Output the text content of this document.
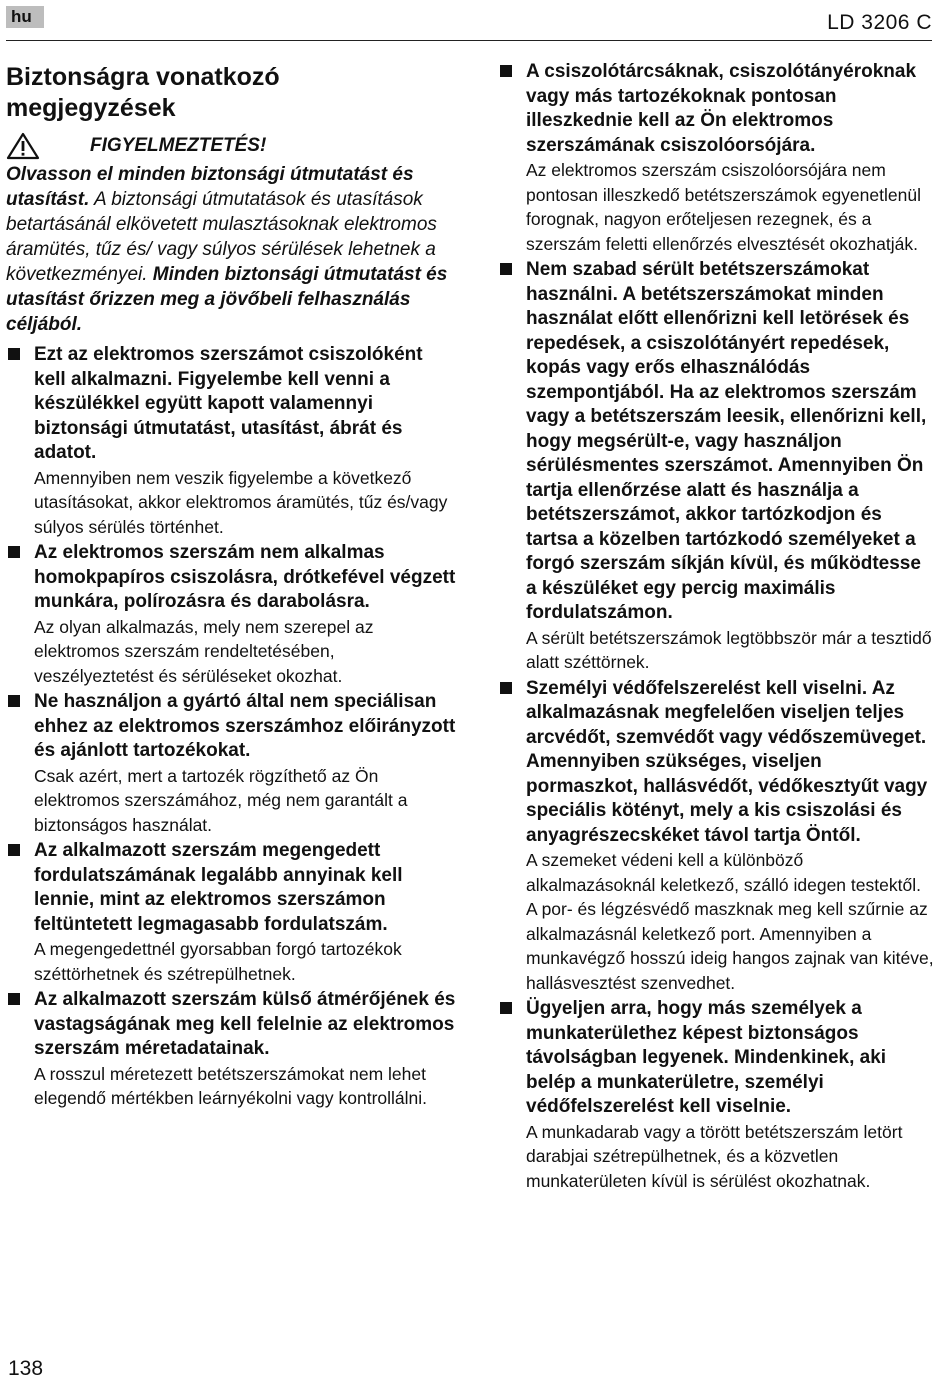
hu	LD 3206 C
Biztonságra vonatkozó
megjegyzések
FIGYELMEZTETÉS!

Olvasson el minden biztonsági útmutatást és utasítást. A biztonsági útmutatások és utasítások betartásánál elkövetett mulasztásoknak elektromos áramütés, tűz és/ vagy súlyos sérülések lehetnek a következményei. Minden biztonsági útmutatást és utasítást őrizzen meg a jövőbeli felhasználás céljából.

Ezt az elektromos szerszámot csiszolóként kell alkalmazni. Figyelembe kell venni a készülékkel együtt kapott valamennyi biztonsági útmutatást, utasítást, ábrát és adatot.
Amennyiben nem veszik figyelembe a következő utasításokat, akkor elektromos áramütés, tűz és/vagy súlyos sérülés történhet.
Az elektromos szerszám nem alkalmas homokpapíros csiszolásra, drótkefével végzett munkára, polírozásra és darabolásra.
Az olyan alkalmazás, mely nem szerepel az elektromos szerszám rendeltetésében, veszélyeztetést és sérüléseket okozhat.
Ne használjon a gyártó által nem speciálisan ehhez az elektromos szerszámhoz előirányzott és ajánlott tartozékokat.
Csak azért, mert a tartozék rögzíthető az Ön elektromos szerszámához, még nem garantált a biztonságos használat.
Az alkalmazott szerszám megengedett fordulatszámának legalább annyinak kell lennie, mint az elektromos szerszámon feltüntetett legmagasabb fordulatszám.
A megengedettnél gyorsabban forgó tartozékok széttörhetnek és szétrepülhetnek.
Az alkalmazott szerszám külső átmérőjének és vastagságának meg kell felelnie az elektromos szerszám méretadatainak.
A rosszul méretezett betétszerszámokat nem lehet elegendő mértékben leárnyékolni vagy kontrollálni.
A csiszolótárcsáknak, csiszolótányéroknak vagy más tartozékoknak pontosan illeszkednie kell az Ön elektromos szerszámának csiszolóorsójára.
Az elektromos szerszám csiszolóorsójára nem pontosan illeszkedő betétszerszámok egyenetlenül forognak, nagyon erőteljesen rezegnek, és a szerszám feletti ellenőrzés elvesztését okozhatják.
Nem szabad sérült betétszerszámokat használni. A betétszerszámokat minden használat előtt ellenőrizni kell letörések és repedések, a csiszolótányért repedések, kopás vagy erős elhasználódás szempontjából. Ha az elektromos szerszám vagy a betétszerszám leesik, ellenőrizni kell, hogy megsérült-e, vagy használjon sérülésmentes szerszámot. Amennyiben Ön tartja ellenőrzése alatt és használja a betétszerszámot, akkor tartózkodjon és tartsa a közelben tartózkodó személyeket a forgó szerszám síkján kívül, és működtesse a készüléket egy percig maximális fordulatszámon.
A sérült betétszerszámok legtöbbször már a tesztidő alatt széttörnek.
Személyi védőfelszerelést kell viselni. Az alkalmazásnak megfelelően viseljen teljes arcvédőt, szemvédőt vagy védőszemüveget. Amennyiben szükséges, viseljen pormaszkot, hallásvédőt, védőkesztyűt vagy speciális kötényt, mely a kis csiszolási és anyagrészecskéket távol tartja Öntől.
A szemeket védeni kell a különböző alkalmazásoknál keletkező, szálló idegen testektől. A por- és légzésvédő maszknak meg kell szűrnie az alkalmazásnál keletkező port. Amennyiben a munkavégző hosszú ideig hangos zajnak van kitéve, hallásvesztést szenvedhet.
Ügyeljen arra, hogy más személyek a munkaterülethez képest biztonságos távolságban legyenek. Mindenkinek, aki belép a munkaterületre, személyi védőfelszerelést kell viselnie.
A munkadarab vagy a törött betétszerszám letört darabjai szétrepülhetnek, és a közvetlen munkaterületen kívül is sérülést okozhatnak.
138
